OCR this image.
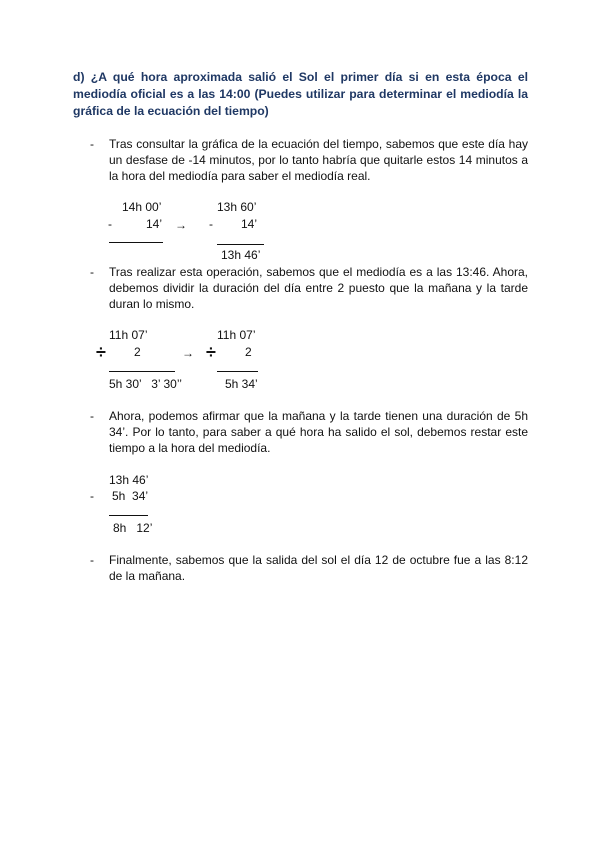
d) ¿A qué hora aproximada salió el Sol el primer día si en esta época el mediodía oficial es a las 14:00 (Puedes utilizar para determinar el mediodía la gráfica de la ecuación del tiempo)
- Tras consultar la gráfica de la ecuación del tiempo, sabemos que este día hay un desfase de -14 minutos, por lo tanto habría que quitarle estos 14 minutos a la hora del mediodía para saber el mediodía real.
14h 00’
-	14’ →
13h 60’
- 14’
13h 46’
- Tras realizar esta operación, sabemos que el mediodía es a las 13:46. Ahora, debemos dividir la duración del día entre 2 puesto que la mañana y la tarde duran lo mismo.
11h 07’
÷ 2
5h 30’   3’ 30’’
→
11h 07’
÷ 2
5h 34’
- Ahora, podemos afirmar que la mañana y la tarde tienen una duración de 5h 34’. Por lo tanto, para saber a qué hora ha salido el sol, debemos restar este tiempo a la hora del mediodía.
13h 46’
- 5h  34’
8h   12’
- Finalmente, sabemos que la salida del sol el día 12 de octubre fue a las 8:12 de la mañana.
